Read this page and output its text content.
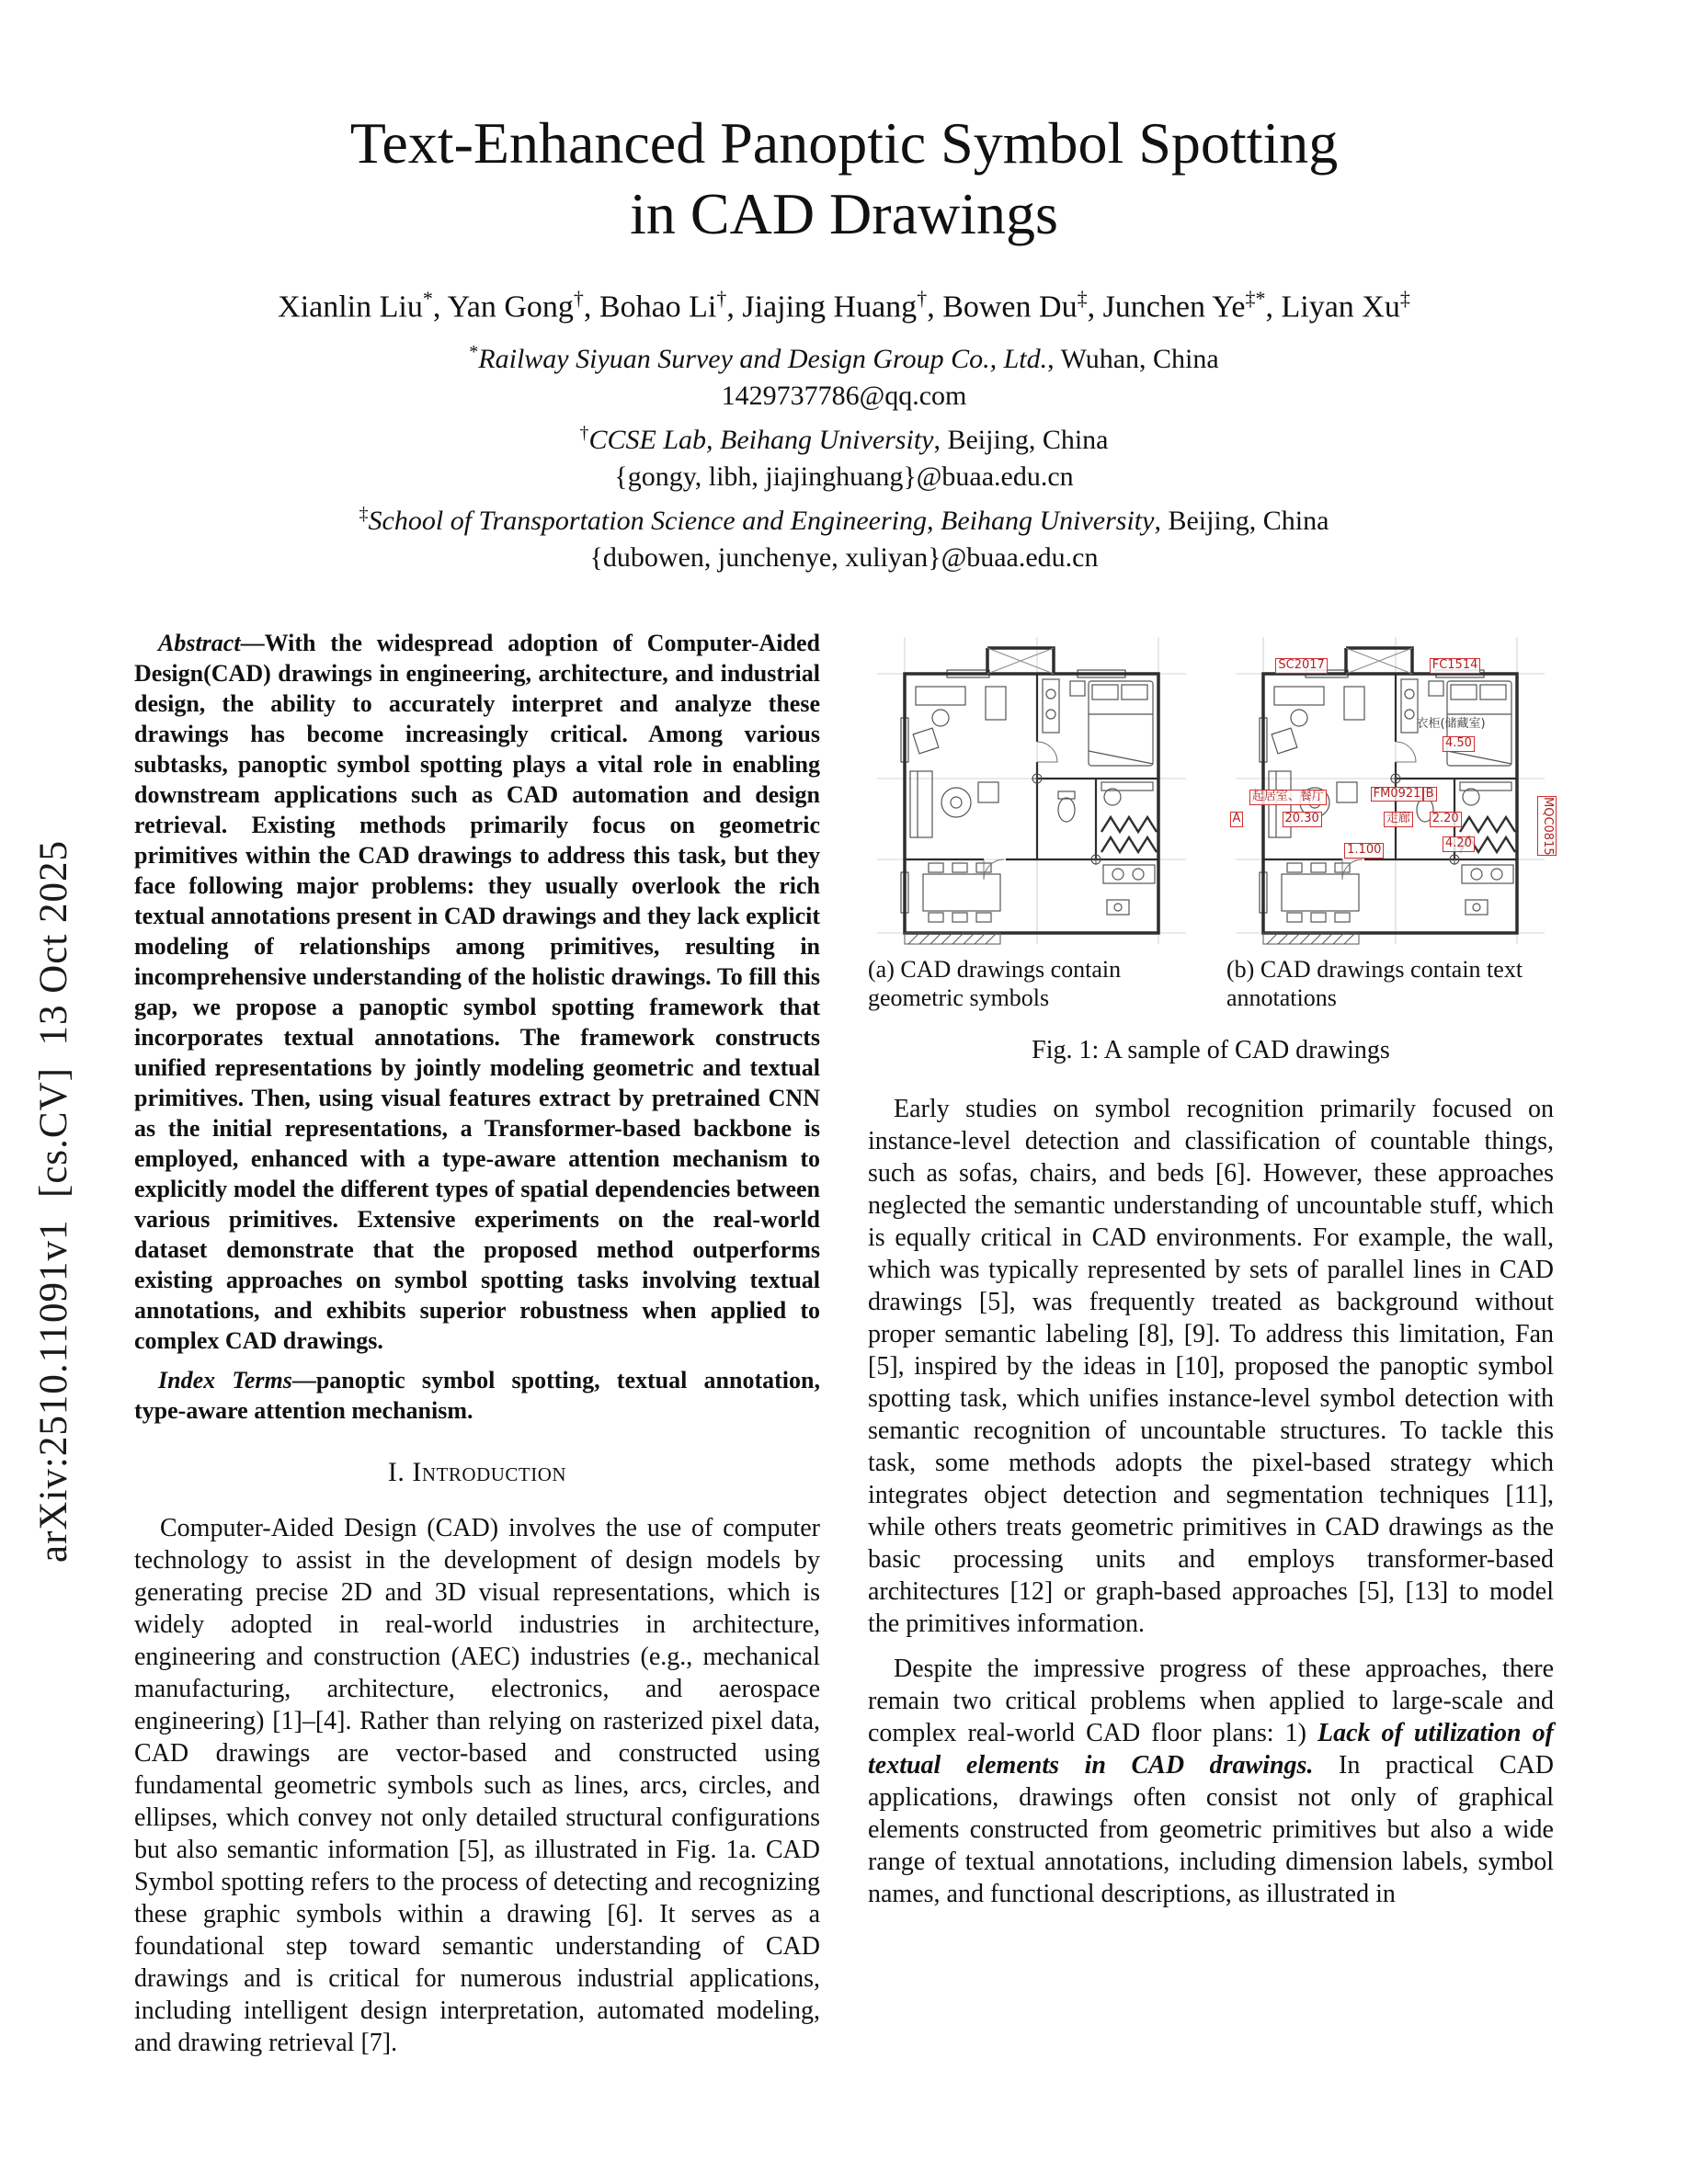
arXiv:2510.11091v1  [cs.CV]  13 Oct 2025
Text-Enhanced Panoptic Symbol Spotting
in CAD Drawings
Xianlin Liu*, Yan Gong†, Bohao Li†, Jiajing Huang†, Bowen Du‡, Junchen Ye‡*, Liyan Xu‡
*Railway Siyuan Survey and Design Group Co., Ltd., Wuhan, China
1429737786@qq.com
†CCSE Lab, Beihang University, Beijing, China
{gongy, libh, jiajinghuang}@buaa.edu.cn
‡School of Transportation Science and Engineering, Beihang University, Beijing, China
{dubowen, junchenye, xuliyan}@buaa.edu.cn

Abstract—With the widespread adoption of Computer-Aided Design(CAD) drawings in engineering, architecture, and industrial design, the ability to accurately interpret and analyze these drawings has become increasingly critical. Among various subtasks, panoptic symbol spotting plays a vital role in enabling downstream applications such as CAD automation and design retrieval. Existing methods primarily focus on geometric primitives within the CAD drawings to address this task, but they face following major problems: they usually overlook the rich textual annotations present in CAD drawings and they lack explicit modeling of relationships among primitives, resulting in incomprehensive understanding of the holistic drawings. To fill this gap, we propose a panoptic symbol spotting framework that incorporates textual annotations. The framework constructs unified representations by jointly modeling geometric and textual primitives. Then, using visual features extract by pretrained CNN as the initial representations, a Transformer-based backbone is employed, enhanced with a type-aware attention mechanism to explicitly model the different types of spatial dependencies between various primitives. Extensive experiments on the real-world dataset demonstrate that the proposed method outperforms existing approaches on symbol spotting tasks involving textual annotations, and exhibits superior robustness when applied to complex CAD drawings.

Index Terms—panoptic symbol spotting, textual annotation, type-aware attention mechanism.

I. Introduction

Computer-Aided Design (CAD) involves the use of computer technology to assist in the development of design models by generating precise 2D and 3D visual representations, which is widely adopted in real-world industries in architecture, engineering and construction (AEC) industries (e.g., mechanical manufacturing, architecture, electronics, and aerospace engineering) [1]–[4]. Rather than relying on rasterized pixel data, CAD drawings are vector-based and constructed using fundamental geometric symbols such as lines, arcs, circles, and ellipses, which convey not only detailed structural configurations but also semantic information [5], as illustrated in Fig. 1a. CAD Symbol spotting refers to the process of detecting and recognizing these graphic symbols within a drawing [6]. It serves as a foundational step toward semantic understanding of CAD drawings and is critical for numerous industrial applications, including intelligent design interpretation, automated modeling, and drawing retrieval [7].

(a) CAD drawings contain geometric symbols
SC2017	FC1514
衣柜(储藏室)
4.50
起居室、餐厅	FM0921 B
A	20.30	走廊 2.20
4.20
1.100	MQC0815
(b) CAD drawings contain text annotations
Fig. 1: A sample of CAD drawings

Early studies on symbol recognition primarily focused on instance-level detection and classification of countable things, such as sofas, chairs, and beds [6]. However, these approaches neglected the semantic understanding of uncountable stuff, which is equally critical in CAD environments. For example, the wall, which was typically represented by sets of parallel lines in CAD drawings [5], was frequently treated as background without proper semantic labeling [8], [9]. To address this limitation, Fan [5], inspired by the ideas in [10], proposed the panoptic symbol spotting task, which unifies instance-level symbol detection with semantic recognition of uncountable structures. To tackle this task, some methods adopts the pixel-based strategy which integrates object detection and segmentation techniques [11], while others treats geometric primitives in CAD drawings as the basic processing units and employs transformer-based architectures [12] or graph-based approaches [5], [13] to model the primitives information.

Despite the impressive progress of these approaches, there remain two critical problems when applied to large-scale and complex real-world CAD floor plans: 1) Lack of utilization of textual elements in CAD drawings. In practical CAD applications, drawings often consist not only of graphical elements constructed from geometric primitives but also a wide range of textual annotations, including dimension labels, symbol names, and functional descriptions, as illustrated in
